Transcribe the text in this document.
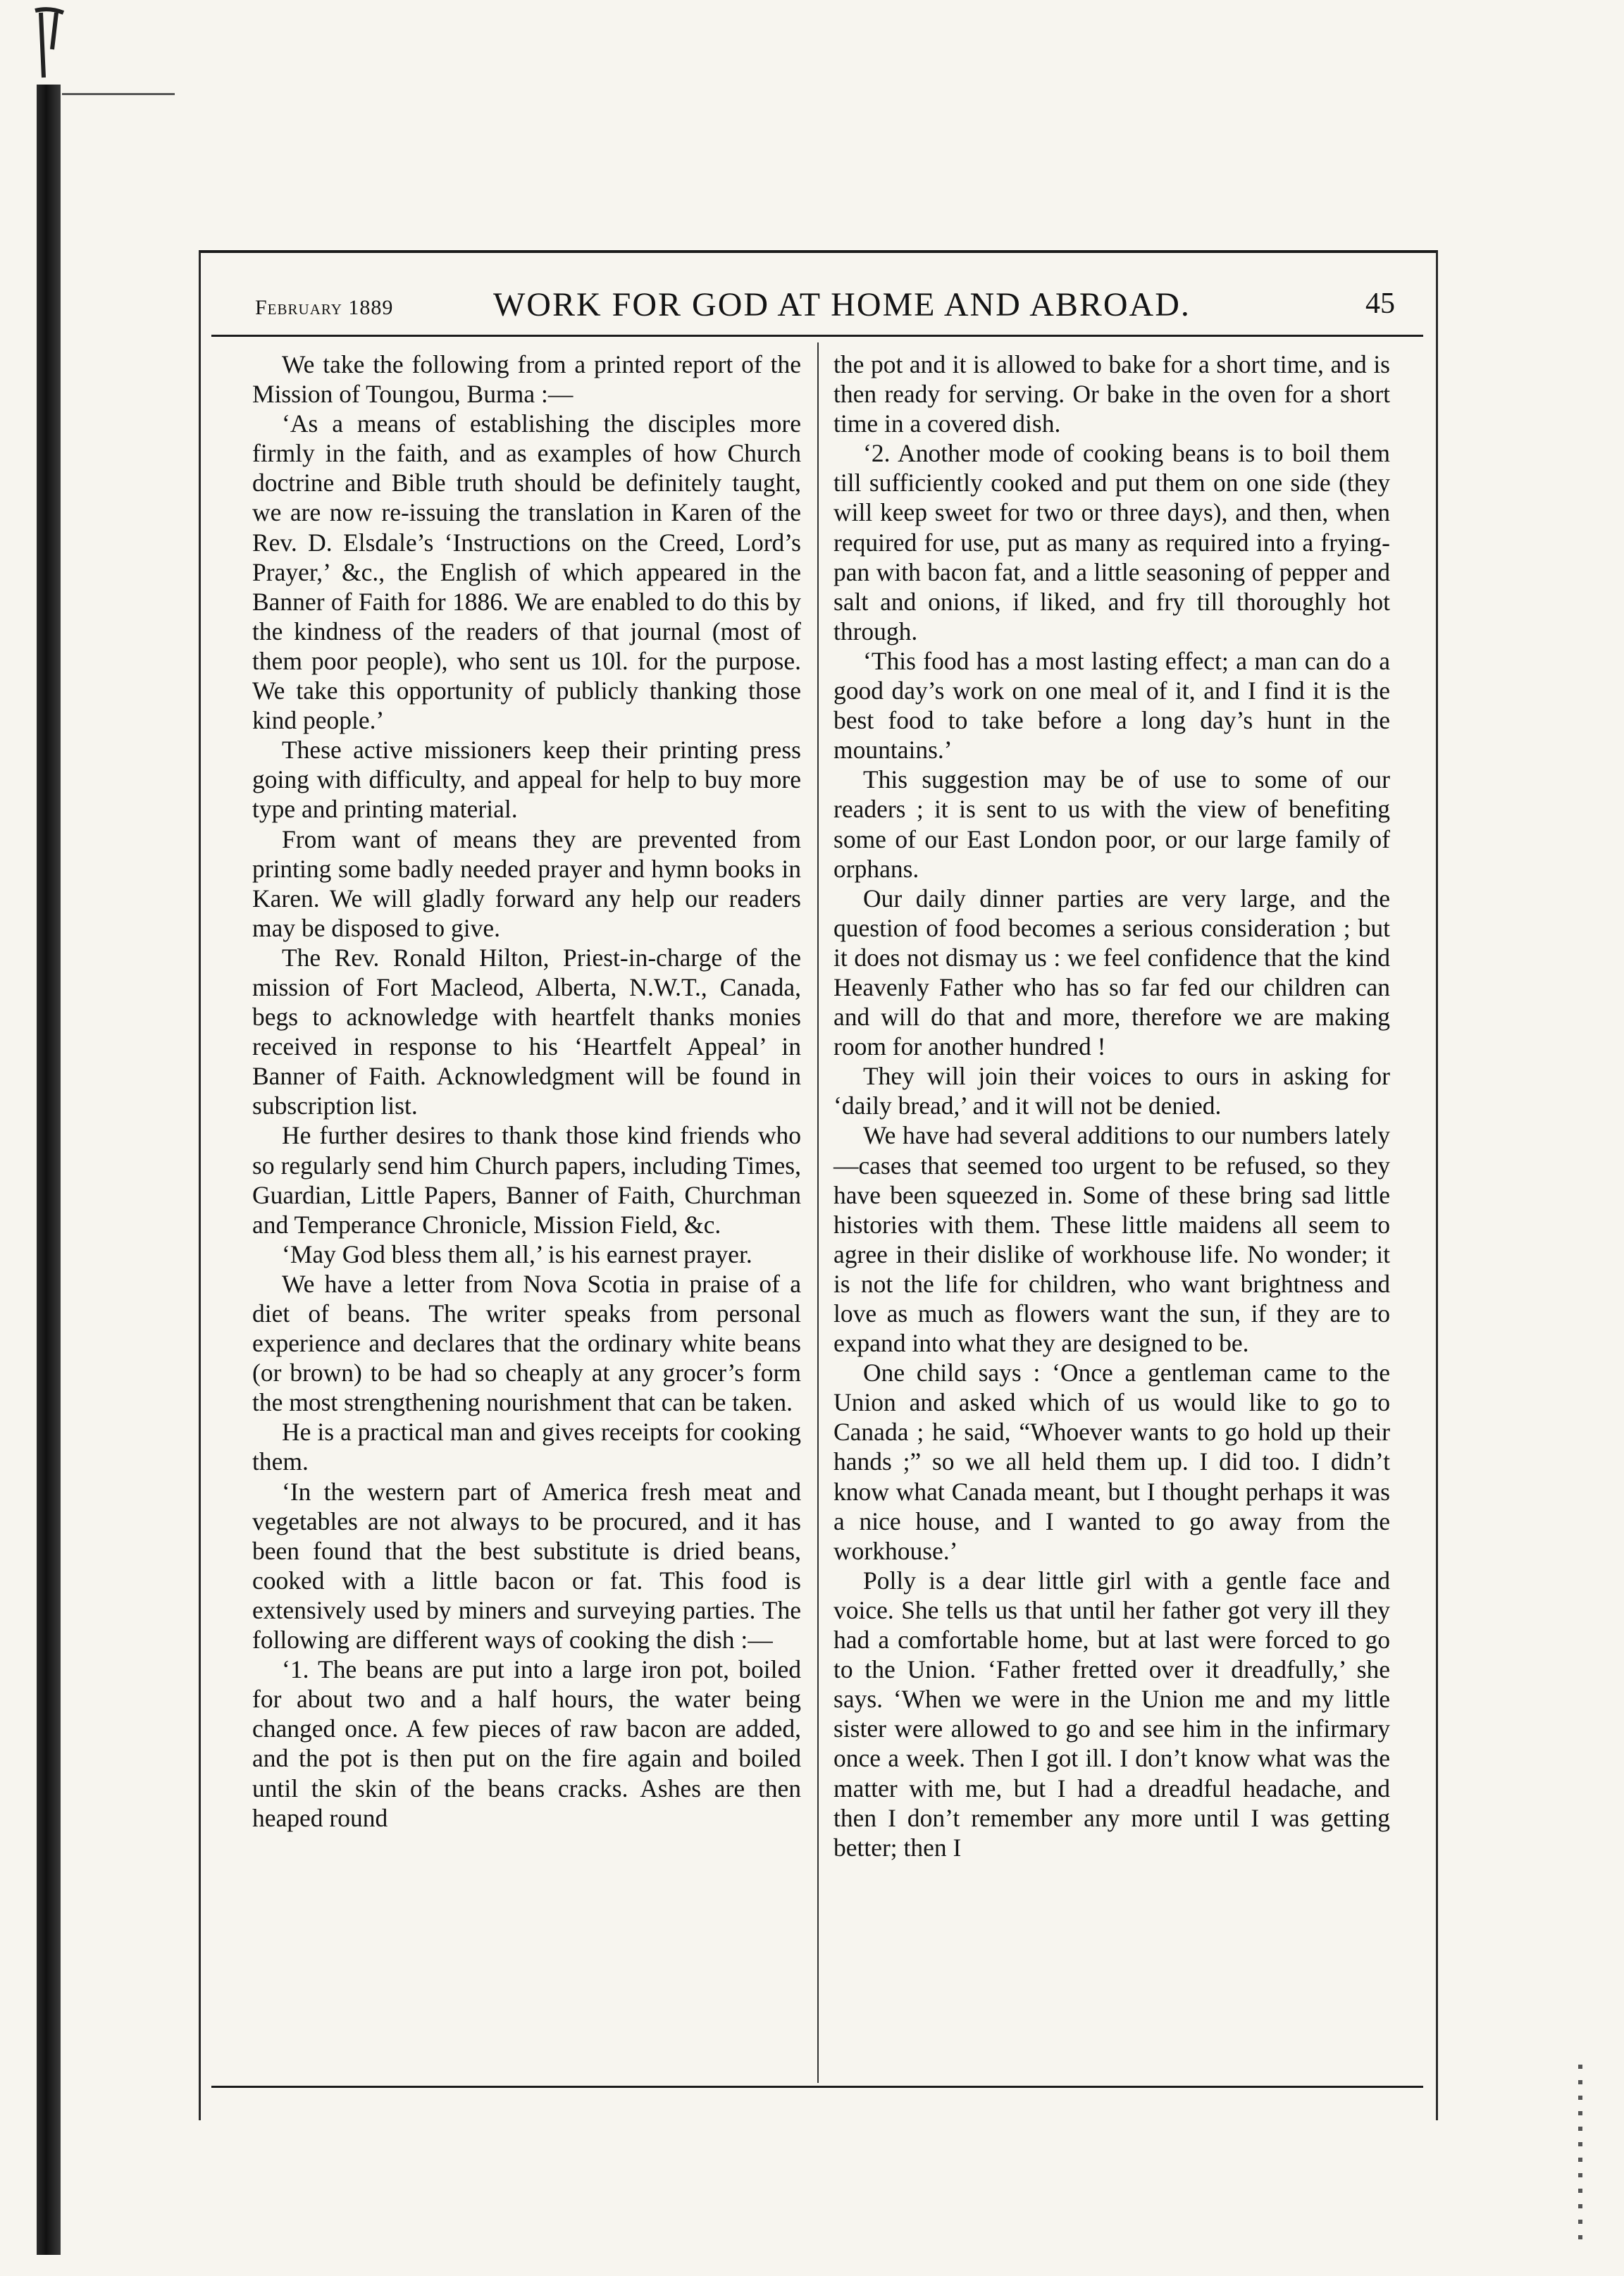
February 1889	WORK FOR GOD AT HOME AND ABROAD.	45

We take the following from a printed report of the Mission of Toungou, Burma :—

‘As a means of establishing the disciples more firmly in the faith, and as examples of how Church doctrine and Bible truth should be definitely taught, we are now re-issuing the translation in Karen of the Rev. D. Elsdale’s ‘Instructions on the Creed, Lord’s Prayer,’ &c., the English of which appeared in the Banner of Faith for 1886. We are enabled to do this by the kindness of the readers of that journal (most of them poor people), who sent us 10l. for the purpose. We take this opportunity of publicly thanking those kind people.’

These active missioners keep their printing press going with difficulty, and appeal for help to buy more type and printing material.

From want of means they are prevented from printing some badly needed prayer and hymn books in Karen. We will gladly forward any help our readers may be disposed to give.

The Rev. Ronald Hilton, Priest-in-charge of the mission of Fort Macleod, Alberta, N.W.T., Canada, begs to acknowledge with heartfelt thanks monies received in response to his ‘Heartfelt Appeal’ in Banner of Faith. Acknowledgment will be found in subscription list.

He further desires to thank those kind friends who so regularly send him Church papers, including Times, Guardian, Little Papers, Banner of Faith, Churchman and Temperance Chronicle, Mission Field, &c.

‘May God bless them all,’ is his earnest prayer.

We have a letter from Nova Scotia in praise of a diet of beans. The writer speaks from personal experience and declares that the ordinary white beans (or brown) to be had so cheaply at any grocer’s form the most strengthening nourishment that can be taken.

He is a practical man and gives receipts for cooking them.

‘In the western part of America fresh meat and vegetables are not always to be procured, and it has been found that the best substitute is dried beans, cooked with a little bacon or fat. This food is extensively used by miners and surveying parties. The following are different ways of cooking the dish :—

‘1. The beans are put into a large iron pot, boiled for about two and a half hours, the water being changed once. A few pieces of raw bacon are added, and the pot is then put on the fire again and boiled until the skin of the beans cracks. Ashes are then heaped round

the pot and it is allowed to bake for a short time, and is then ready for serving. Or bake in the oven for a short time in a covered dish.

‘2. Another mode of cooking beans is to boil them till sufficiently cooked and put them on one side (they will keep sweet for two or three days), and then, when required for use, put as many as required into a frying-pan with bacon fat, and a little seasoning of pepper and salt and onions, if liked, and fry till thoroughly hot through.

‘This food has a most lasting effect; a man can do a good day’s work on one meal of it, and I find it is the best food to take before a long day’s hunt in the mountains.’

This suggestion may be of use to some of our readers ; it is sent to us with the view of benefiting some of our East London poor, or our large family of orphans.

Our daily dinner parties are very large, and the question of food becomes a serious consideration ; but it does not dismay us : we feel confidence that the kind Heavenly Father who has so far fed our children can and will do that and more, therefore we are making room for another hundred !

They will join their voices to ours in asking for ‘daily bread,’ and it will not be denied.

We have had several additions to our numbers lately—cases that seemed too urgent to be refused, so they have been squeezed in. Some of these bring sad little histories with them. These little maidens all seem to agree in their dislike of workhouse life. No wonder; it is not the life for children, who want brightness and love as much as flowers want the sun, if they are to expand into what they are designed to be.

One child says : ‘Once a gentleman came to the Union and asked which of us would like to go to Canada ; he said, “Whoever wants to go hold up their hands ;” so we all held them up. I did too. I didn’t know what Canada meant, but I thought perhaps it was a nice house, and I wanted to go away from the workhouse.’

Polly is a dear little girl with a gentle face and voice. She tells us that until her father got very ill they had a comfortable home, but at last were forced to go to the Union. ‘Father fretted over it dreadfully,’ she says. ‘When we were in the Union me and my little sister were allowed to go and see him in the infirmary once a week. Then I got ill. I don’t know what was the matter with me, but I had a dreadful headache, and then I don’t remember any more until I was getting better; then I
